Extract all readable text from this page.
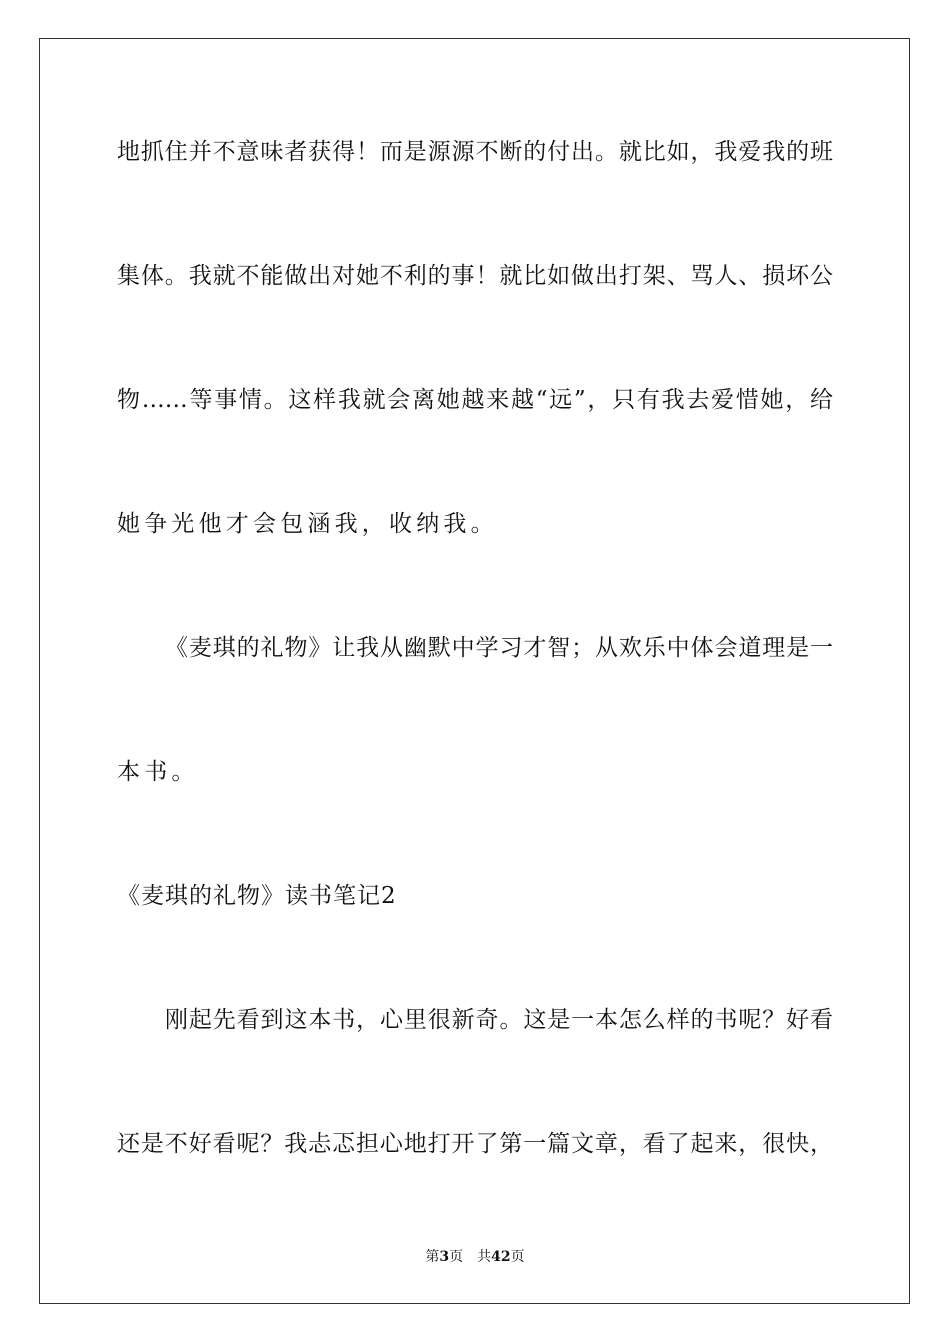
地抓住并不意味者获得！而是源源不断的付出。就比如，我爱我的班
集体。我就不能做出对她不利的事！就比如做出打架、骂人、损坏公
物……等事情。这样我就会离她越来越“远”，只有我去爱惜她，给
她争光他才会包涵我，收纳我。
《麦琪的礼物》让我从幽默中学习才智；从欢乐中体会道理是一
本书。
《麦琪的礼物》读书笔记2
刚起先看到这本书，心里很新奇。这是一本怎么样的书呢？好看
还是不好看呢？我忐忑担心地打开了第一篇文章，看了起来，很快，
第3页 共42页
